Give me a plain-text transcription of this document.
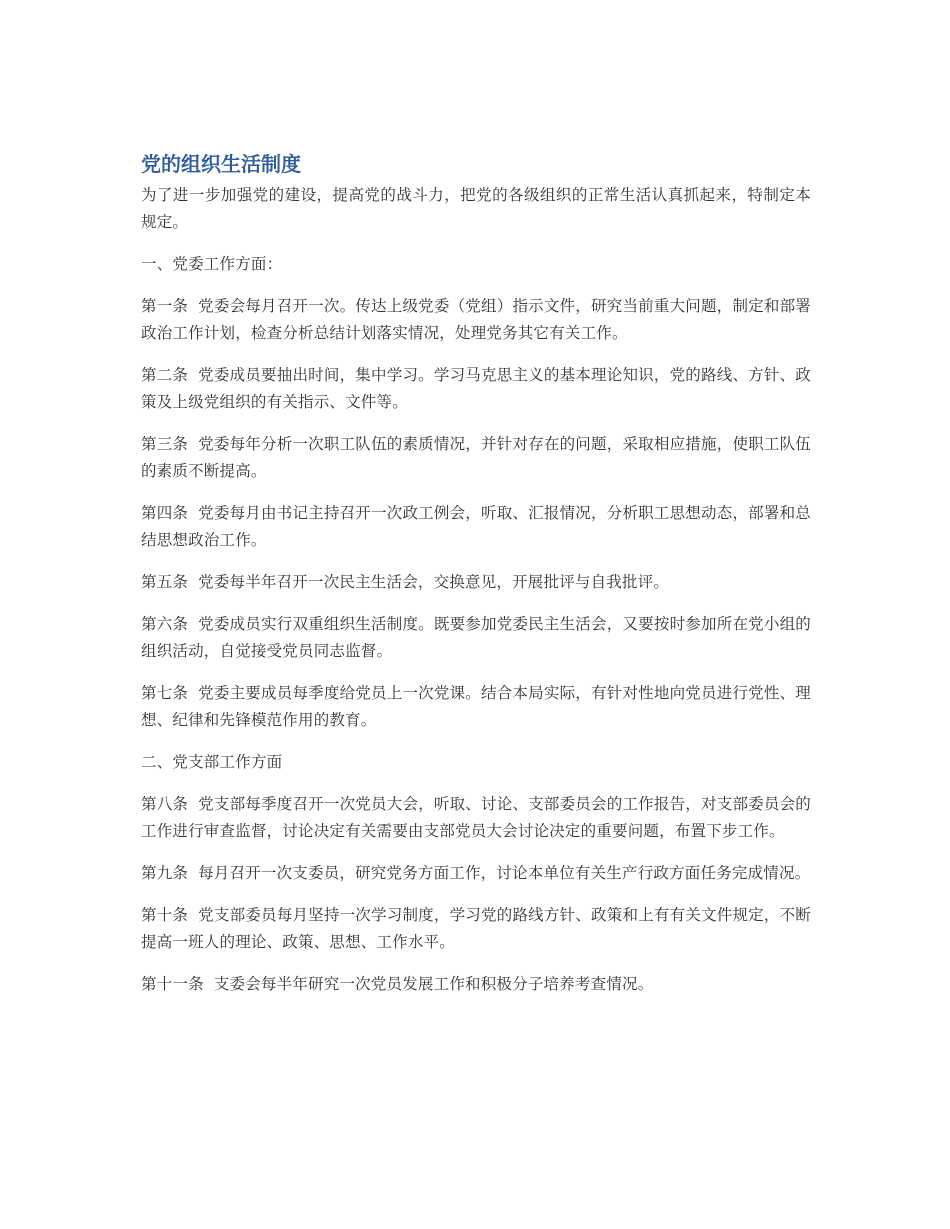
党的组织生活制度

为了进一步加强党的建设，提高党的战斗力，把党的各级组织的正常生活认真抓起来，特制定本规定。

一、党委工作方面：

第一条 党委会每月召开一次。传达上级党委（党组）指示文件，研究当前重大问题，制定和部署政治工作计划，检查分析总结计划落实情况，处理党务其它有关工作。

第二条 党委成员要抽出时间，集中学习。学习马克思主义的基本理论知识，党的路线、方针、政策及上级党组织的有关指示、文件等。

第三条 党委每年分析一次职工队伍的素质情况，并针对存在的问题，采取相应措施，使职工队伍的素质不断提高。

第四条 党委每月由书记主持召开一次政工例会，听取、汇报情况，分析职工思想动态，部署和总结思想政治工作。

第五条 党委每半年召开一次民主生活会，交换意见，开展批评与自我批评。

第六条 党委成员实行双重组织生活制度。既要参加党委民主生活会，又要按时参加所在党小组的组织活动，自觉接受党员同志监督。

第七条 党委主要成员每季度给党员上一次党课。结合本局实际，有针对性地向党员进行党性、理想、纪律和先锋模范作用的教育。

二、党支部工作方面

第八条 党支部每季度召开一次党员大会，听取、讨论、支部委员会的工作报告，对支部委员会的工作进行审查监督，讨论决定有关需要由支部党员大会讨论决定的重要问题，布置下步工作。

第九条 每月召开一次支委员，研究党务方面工作，讨论本单位有关生产行政方面任务完成情况。

第十条 党支部委员每月坚持一次学习制度，学习党的路线方针、政策和上有有关文件规定，不断提高一班人的理论、政策、思想、工作水平。

第十一条 支委会每半年研究一次党员发展工作和积极分子培养考查情况。
